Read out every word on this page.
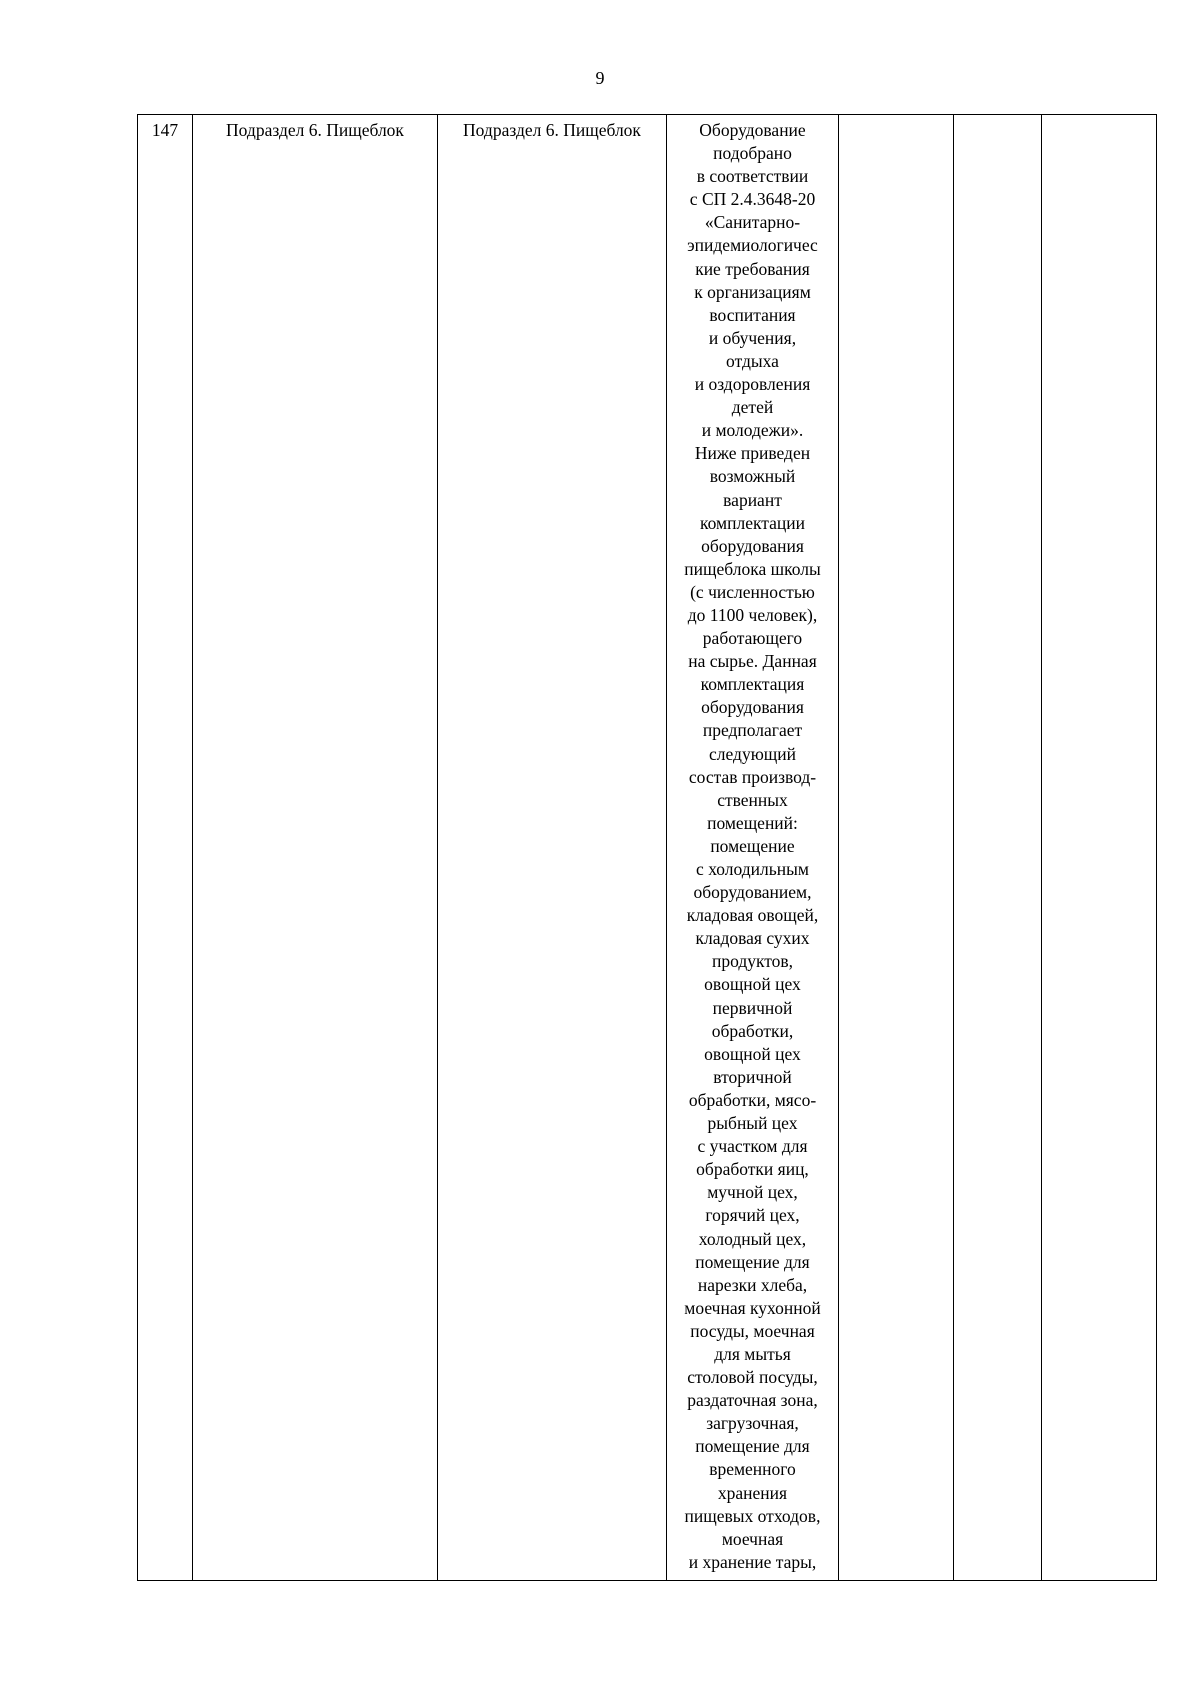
9
147	Подраздел 6. Пищеблок	Подраздел 6. Пищеблок	Оборудование
подобрано
в соответствии
с СП 2.4.3648-20
«Санитарно-
эпидемиологичес
кие требования
к организациям
воспитания
и обучения,
отдыха
и оздоровления
детей
и молодежи».
Ниже приведен
возможный
вариант
комплектации
оборудования
пищеблока школы
(с численностью
до 1100 человек),
работающего
на сырье. Данная
комплектация
оборудования
предполагает
следующий
состав производ-
ственных
помещений:
помещение
с холодильным
оборудованием,
кладовая овощей,
кладовая сухих
продуктов,
овощной цех
первичной
обработки,
овощной цех
вторичной
обработки, мясо-
рыбный цех
с участком для
обработки яиц,
мучной цех,
горячий цех,
холодный цех,
помещение для
нарезки хлеба,
моечная кухонной
посуды, моечная
для мытья
столовой посуды,
раздаточная зона,
загрузочная,
помещение для
временного
хранения
пищевых отходов,
моечная
и хранение тары,
